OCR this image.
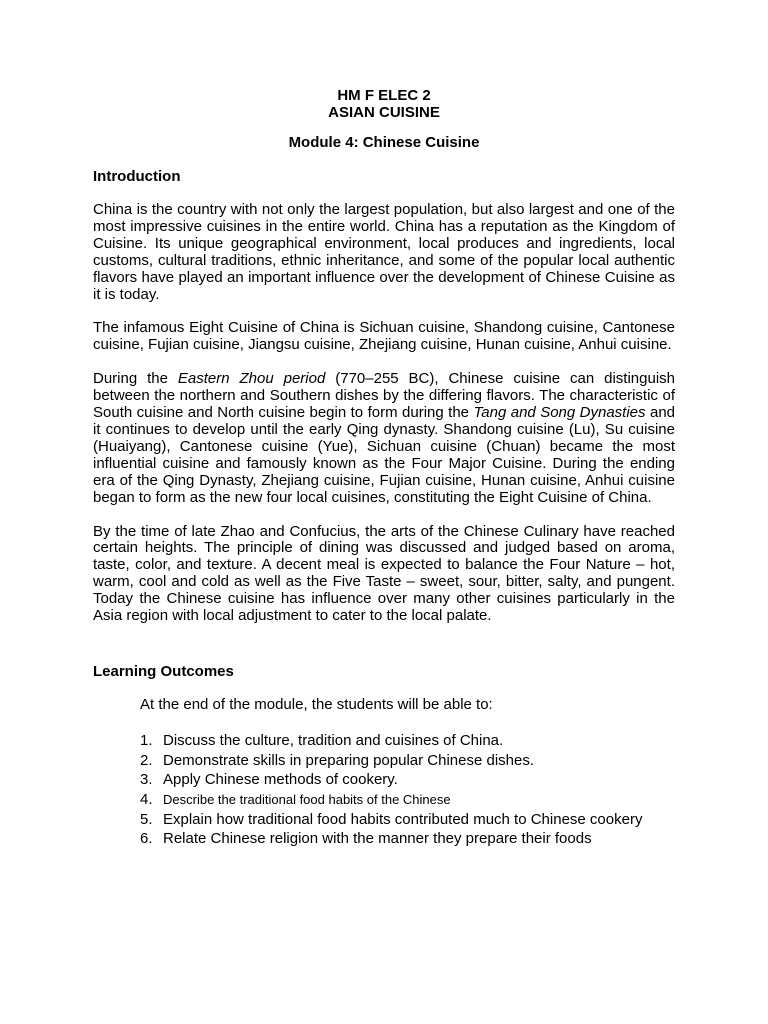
HM F ELEC 2
ASIAN CUISINE
Module 4: Chinese Cuisine
Introduction

China is the country with not only the largest population, but also largest and one of the most impressive cuisines in the entire world. China has a reputation as the Kingdom of Cuisine. Its unique geographical environment, local produces and ingredients, local customs, cultural traditions, ethnic inheritance, and some of the popular local authentic flavors have played an important influence over the development of Chinese Cuisine as it is today.

The infamous Eight Cuisine of China is Sichuan cuisine, Shandong cuisine, Cantonese cuisine, Fujian cuisine, Jiangsu cuisine, Zhejiang cuisine, Hunan cuisine, Anhui cuisine.

During the Eastern Zhou period (770–255 BC), Chinese cuisine can distinguish between the northern and Southern dishes by the differing flavors. The characteristic of South cuisine and North cuisine begin to form during the Tang and Song Dynasties and it continues to develop until the early Qing dynasty. Shandong cuisine (Lu), Su cuisine (Huaiyang), Cantonese cuisine (Yue), Sichuan cuisine (Chuan) became the most influential cuisine and famously known as the Four Major Cuisine. During the ending era of the Qing Dynasty, Zhejiang cuisine, Fujian cuisine, Hunan cuisine, Anhui cuisine began to form as the new four local cuisines, constituting the Eight Cuisine of China.

By the time of late Zhao and Confucius, the arts of the Chinese Culinary have reached certain heights. The principle of dining was discussed and judged based on aroma, taste, color, and texture. A decent meal is expected to balance the Four Nature – hot, warm, cool and cold as well as the Five Taste – sweet, sour, bitter, salty, and pungent. Today the Chinese cuisine has influence over many other cuisines particularly in the Asia region with local adjustment to cater to the local palate.

Learning Outcomes

At the end of the module, the students will be able to:

1. Discuss the culture, tradition and cuisines of China.
2. Demonstrate skills in preparing popular Chinese dishes.
3. Apply Chinese methods of cookery.
4. Describe the traditional food habits of the Chinese
5. Explain how traditional food habits contributed much to Chinese cookery
6. Relate Chinese religion with the manner they prepare their foods
